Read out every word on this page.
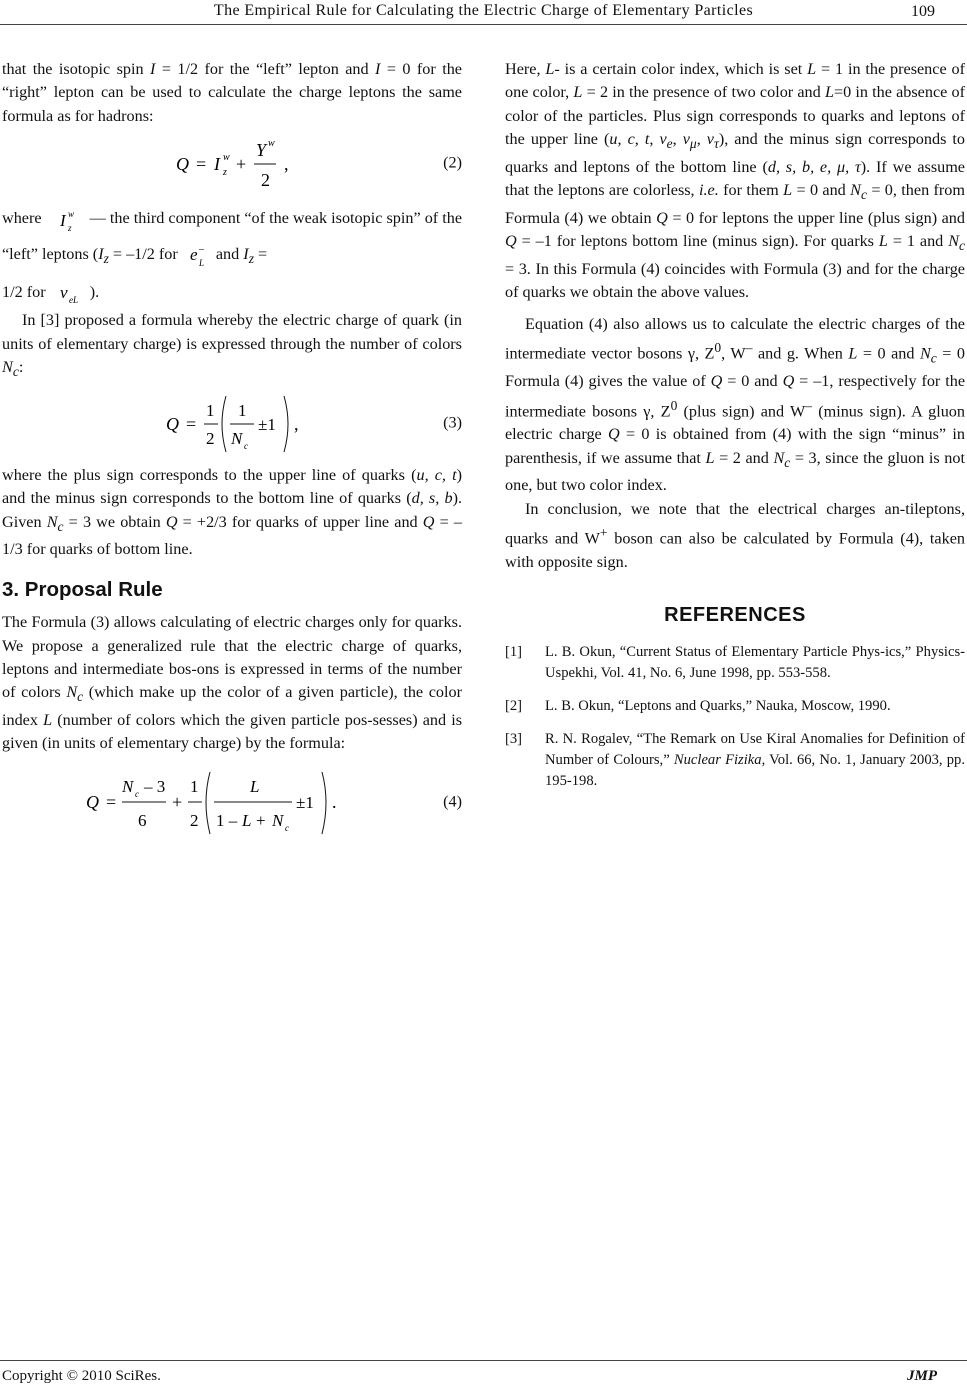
The Empirical Rule for Calculating the Electric Charge of Elementary Particles	109

that the isotopic spin I = 1/2 for the “left” lepton and I = 0 for the “right” lepton can be used to calculate the charge leptons the same formula as for hadrons:

Q = I w
z +
Y w
2
,	(2)

where I w
z
— the third component “of the weak isotopic spin” of the “left” leptons ($I_z = -1/2$ for e –
L and $I_z$ =

1/2 for ν eL ).

In [3] proposed a formula whereby the electric charge of quark (in units of elementary charge) is expressed through the number of colors $N_c$:

Q =
1
2
1
N c
±1 ,	(3)

where the plus sign corresponds to the upper line of quarks (u, c, t) and the minus sign corresponds to the bottom line of quarks (d, s, b). Given $N_c = 3$ we obtain Q = +2/3 for quarks of upper line and Q = –1/3 for quarks of bottom line.

3. Proposal Rule

The Formula (3) allows calculating of electric charges only for quarks. We propose a generalized rule that the electric charge of quarks, leptons and intermediate bos-ons is expressed in terms of the number of colors $N_c$ (which make up the color of a given particle), the color index L (number of colors which the given particle pos-sesses) and is given (in units of elementary charge) by the formula:

Q =
N c – 3
6
+
1
2
L
1 – L + N c
±1 .	(4)

Here, L- is a certain color index, which is set L = 1 in the presence of one color, L = 2 in the presence of two color and L=0 in the absence of color of the particles. Plus sign corresponds to quarks and leptons of the upper line (u, c, t, $\nu_e$, $\nu_\mu$, $\nu_\tau$), and the minus sign corresponds to quarks and leptons of the bottom line (d, s, b, e, μ, τ). If we assume that the leptons are colorless, i.e. for them L = 0 and $N_c = 0$, then from Formula (4) we obtain Q = 0 for leptons the upper line (plus sign) and Q = –1 for leptons bottom line (minus sign). For quarks L = 1 and $N_c = 3$. In this Formula (4) coincides with Formula (3) and for the charge of quarks we obtain the above values.

Equation (4) also allows us to calculate the electric charges of the intermediate vector bosons γ, $Z^0$, W– and g. When L = 0 and $N_c = 0$ Formula (4) gives the value of Q = 0 and Q = –1, respectively for the intermediate bosons γ, $Z^0$ (plus sign) and W– (minus sign). A gluon electric charge Q = 0 is obtained from (4) with the sign “minus” in parenthesis, if we assume that L = 2 and $N_c = 3$, since the gluon is not one, but two color index.

In conclusion, we note that the electrical charges an-tileptons, quarks and W+ boson can also be calculated by Formula (4), taken with opposite sign.

REFERENCES
[1] L. B. Okun, “Current Status of Elementary Particle Phys-ics,” Physics-Uspekhi, Vol. 41, No. 6, June 1998, pp. 553-558.
[2] L. B. Okun, “Leptons and Quarks,” Nauka, Moscow, 1990.
[3] R. N. Rogalev, “The Remark on Use Kiral Anomalies for Definition of Number of Colours,” Nuclear Fizika, Vol. 66, No. 1, January 2003, pp. 195-198.
Copyright © 2010 SciRes.	JMP
